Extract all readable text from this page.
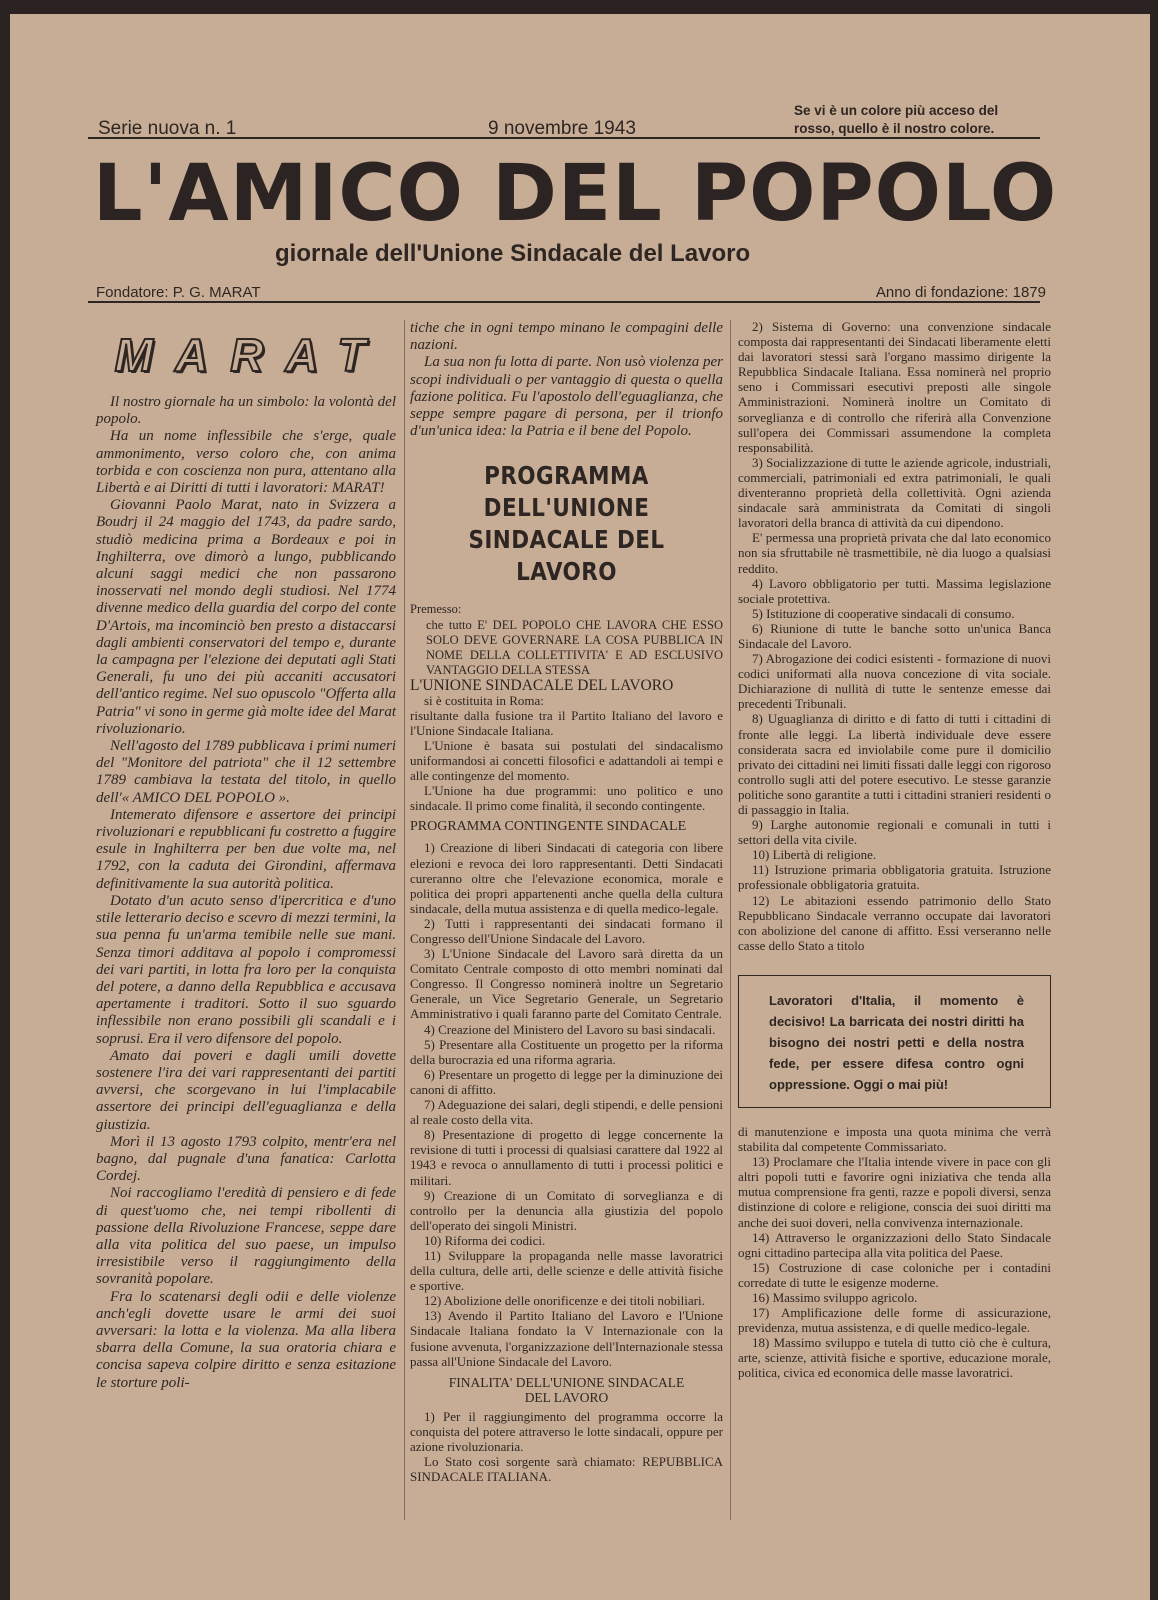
Serie nuova n. 1	9 novembre 1943
Se vi è un colore più acceso del
rosso, quello è il nostro colore.
L'AMICO DEL POPOLO
giornale dell'Unione Sindacale del Lavoro
Fondatore: P. G. MARAT	Anno di fondazione: 1879
MARAT

Il nostro giornale ha un simbolo: la volontà del popolo.

Ha un nome inflessibile che s'erge, quale ammonimento, verso coloro che, con anima torbida e con coscienza non pura, attentano alla Libertà e ai Diritti di tutti i lavoratori: MARAT!

Giovanni Paolo Marat, nato in Svizzera a Boudrj il 24 maggio del 1743, da padre sardo, studiò medicina prima a Bordeaux e poi in Inghilterra, ove dimorò a lungo, pubblicando alcuni saggi medici che non passarono inosservati nel mondo degli studiosi. Nel 1774 divenne medico della guardia del corpo del conte D'Artois, ma incominciò ben presto a distaccarsi dagli ambienti conservatori del tempo e, durante la campagna per l'elezione dei deputati agli Stati Generali, fu uno dei più accaniti accusatori dell'antico regime. Nel suo opuscolo "Offerta alla Patria" vi sono in germe già molte idee del Marat rivoluzionario.

Nell'agosto del 1789 pubblicava i primi numeri del "Monitore del patriota" che il 12 settembre 1789 cambiava la testata del titolo, in quello dell'« AMICO DEL POPOLO ».

Intemerato difensore e assertore dei principi rivoluzionari e repubblicani fu costretto a fuggire esule in Inghilterra per ben due volte ma, nel 1792, con la caduta dei Girondini, affermava definitivamente la sua autorità politica.

Dotato d'un acuto senso d'ipercritica e d'uno stile letterario deciso e scevro di mezzi termini, la sua penna fu un'arma temibile nelle sue mani. Senza timori additava al popolo i compromessi dei vari partiti, in lotta fra loro per la conquista del potere, a danno della Repubblica e accusava apertamente i traditori. Sotto il suo sguardo inflessibile non erano possibili gli scandali e i soprusi. Era il vero difensore del popolo.

Amato dai poveri e dagli umili dovette sostenere l'ira dei vari rappresentanti dei partiti avversi, che scorgevano in lui l'implacabile assertore dei principi dell'eguaglianza e della giustizia.

Morì il 13 agosto 1793 colpito, mentr'era nel bagno, dal pugnale d'una fanatica: Carlotta Cordej.

Noi raccogliamo l'eredità di pensiero e di fede di quest'uomo che, nei tempi ribollenti di passione della Rivoluzione Francese, seppe dare alla vita politica del suo paese, un impulso irresistibile verso il raggiungimento della sovranità popolare.

Fra lo scatenarsi degli odii e delle violenze anch'egli dovette usare le armi dei suoi avversari: la lotta e la violenza. Ma alla libera sbarra della Comune, la sua oratoria chiara e concisa sapeva colpire diritto e senza esitazione le storture poli-

tiche che in ogni tempo minano le compagini delle nazioni.

La sua non fu lotta di parte. Non usò violenza per scopi individuali o per vantaggio di questa o quella fazione politica. Fu l'apostolo dell'eguaglianza, che seppe sempre pagare di persona, per il trionfo d'un'unica idea: la Patria e il bene del Popolo.

PROGRAMMA DELL'UNIONE
SINDACALE DEL LAVORO

Premesso:

che tutto E' DEL POPOLO CHE LAVORA CHE ESSO SOLO DEVE GOVERNARE LA COSA PUBBLICA IN NOME DELLA COLLETTIVITA' E AD ESCLUSIVO VANTAGGIO DELLA STESSA

L'UNIONE SINDACALE DEL LAVORO

si è costituita in Roma:

risultante dalla fusione tra il Partito Italiano del lavoro e l'Unione Sindacale Italiana.

L'Unione è basata sui postulati del sindacalismo uniformandosi ai concetti filosofici e adattandoli ai tempi e alle contingenze del momento.

L'Unione ha due programmi: uno politico e uno sindacale. Il primo come finalità, il secondo contingente.

PROGRAMMA CONTINGENTE SINDACALE

1) Creazione di liberi Sindacati di categoria con libere elezioni e revoca dei loro rappresentanti. Detti Sindacati cureranno oltre che l'elevazione economica, morale e politica dei propri appartenenti anche quella della cultura sindacale, della mutua assistenza e di quella medico-legale.

2) Tutti i rappresentanti dei sindacati formano il Congresso dell'Unione Sindacale del Lavoro.

3) L'Unione Sindacale del Lavoro sarà diretta da un Comitato Centrale composto di otto membri nominati dal Congresso. Il Congresso nominerà inoltre un Segretario Generale, un Vice Segretario Generale, un Segretario Amministrativo i quali faranno parte del Comitato Centrale.

4) Creazione del Ministero del Lavoro su basi sindacali.

5) Presentare alla Costituente un progetto per la riforma della burocrazia ed una riforma agraria.

6) Presentare un progetto di legge per la diminuzione dei canoni di affitto.

7) Adeguazione dei salari, degli stipendi, e delle pensioni al reale costo della vita.

8) Presentazione di progetto di legge concernente la revisione di tutti i processi di qualsiasi carattere dal 1922 al 1943 e revoca o annullamento di tutti i processi politici e militari.

9) Creazione di un Comitato di sorveglianza e di controllo per la denuncia alla giustizia del popolo dell'operato dei singoli Ministri.

10) Riforma dei codici.

11) Sviluppare la propaganda nelle masse lavoratrici della cultura, delle arti, delle scienze e delle attività fisiche e sportive.

12) Abolizione delle onorificenze e dei titoli nobiliari.

13) Avendo il Partito Italiano del Lavoro e l'Unione Sindacale Italiana fondato la V Internazionale con la fusione avvenuta, l'organizzazione dell'Internazionale stessa passa all'Unione Sindacale del Lavoro.

FINALITA' DELL'UNIONE SINDACALE
DEL LAVORO

1) Per il raggiungimento del programma occorre la conquista del potere attraverso le lotte sindacali, oppure per azione rivoluzionaria.

Lo Stato così sorgente sarà chiamato: REPUBBLICA SINDACALE ITALIANA.

2) Sistema di Governo: una convenzione sindacale composta dai rappresentanti dei Sindacati liberamente eletti dai lavoratori stessi sarà l'organo massimo dirigente la Repubblica Sindacale Italiana. Essa nominerà nel proprio seno i Commissari esecutivi preposti alle singole Amministrazioni. Nominerà inoltre un Comitato di sorveglianza e di controllo che riferirà alla Convenzione sull'opera dei Commissari assumendone la completa responsabilità.

3) Socializzazione di tutte le aziende agricole, industriali, commerciali, patrimoniali ed extra patrimoniali, le quali diventeranno proprietà della collettività. Ogni azienda sindacale sarà amministrata da Comitati di singoli lavoratori della branca di attività da cui dipendono.

E' permessa una proprietà privata che dal lato economico non sia sfruttabile nè trasmettibile, nè dia luogo a qualsiasi reddito.

4) Lavoro obbligatorio per tutti. Massima legislazione sociale protettiva.

5) Istituzione di cooperative sindacali di consumo.

6) Riunione di tutte le banche sotto un'unica Banca Sindacale del Lavoro.

7) Abrogazione dei codici esistenti - formazione di nuovi codici uniformati alla nuova concezione di vita sociale. Dichiarazione di nullità di tutte le sentenze emesse dai precedenti Tribunali.

8) Uguaglianza di diritto e di fatto di tutti i cittadini di fronte alle leggi. La libertà individuale deve essere considerata sacra ed inviolabile come pure il domicilio privato dei cittadini nei limiti fissati dalle leggi con rigoroso controllo sugli atti del potere esecutivo. Le stesse garanzie politiche sono garantite a tutti i cittadini stranieri residenti o di passaggio in Italia.

9) Larghe autonomie regionali e comunali in tutti i settori della vita civile.

10) Libertà di religione.

11) Istruzione primaria obbligatoria gratuita. Istruzione professionale obbligatoria gratuita.

12) Le abitazioni essendo patrimonio dello Stato Repubblicano Sindacale verranno occupate dai lavoratori con abolizione del canone di affitto. Essi verseranno nelle casse dello Stato a titolo

Lavoratori d'Italia, il momento è decisivo! La barricata dei nostri diritti ha bisogno dei nostri petti e della nostra fede, per essere difesa contro ogni oppressione. Oggi o mai più!

di manutenzione e imposta una quota minima che verrà stabilita dal competente Commissariato.

13) Proclamare che l'Italia intende vivere in pace con gli altri popoli tutti e favorire ogni iniziativa che tenda alla mutua comprensione fra genti, razze e popoli diversi, senza distinzione di colore e religione, conscia dei suoi diritti ma anche dei suoi doveri, nella convivenza internazionale.

14) Attraverso le organizzazioni dello Stato Sindacale ogni cittadino partecipa alla vita politica del Paese.

15) Costruzione di case coloniche per i contadini corredate di tutte le esigenze moderne.

16) Massimo sviluppo agricolo.

17) Amplificazione delle forme di assicurazione, previdenza, mutua assistenza, e di quelle medico-legale.

18) Massimo sviluppo e tutela di tutto ciò che è cultura, arte, scienze, attività fisiche e sportive, educazione morale, politica, civica ed economica delle masse lavoratrici.
